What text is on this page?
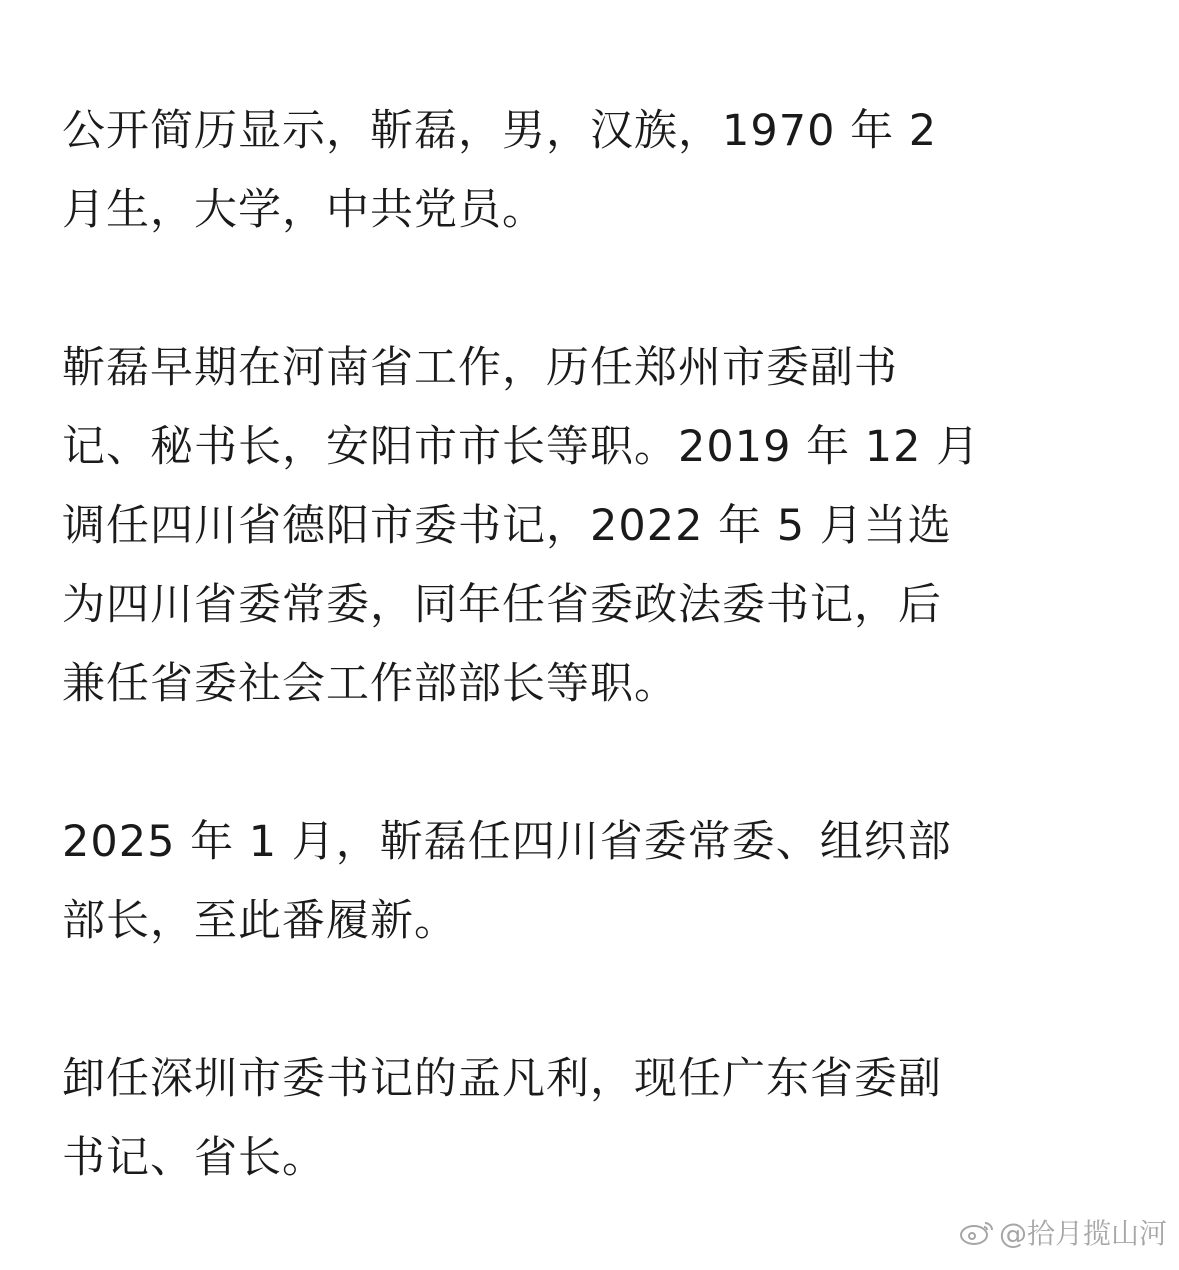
公开简历显示，靳磊，男，汉族，1970 年 2
月生，大学，中共党员。

靳磊早期在河南省工作，历任郑州市委副书
记、秘书长，安阳市市长等职。2019 年 12 月
调任四川省德阳市委书记，2022 年 5 月当选
为四川省委常委，同年任省委政法委书记，后
兼任省委社会工作部部长等职。

2025 年 1 月，靳磊任四川省委常委、组织部
部长，至此番履新。

卸任深圳市委书记的孟凡利，现任广东省委副
书记、省长。

@拾月揽山河
